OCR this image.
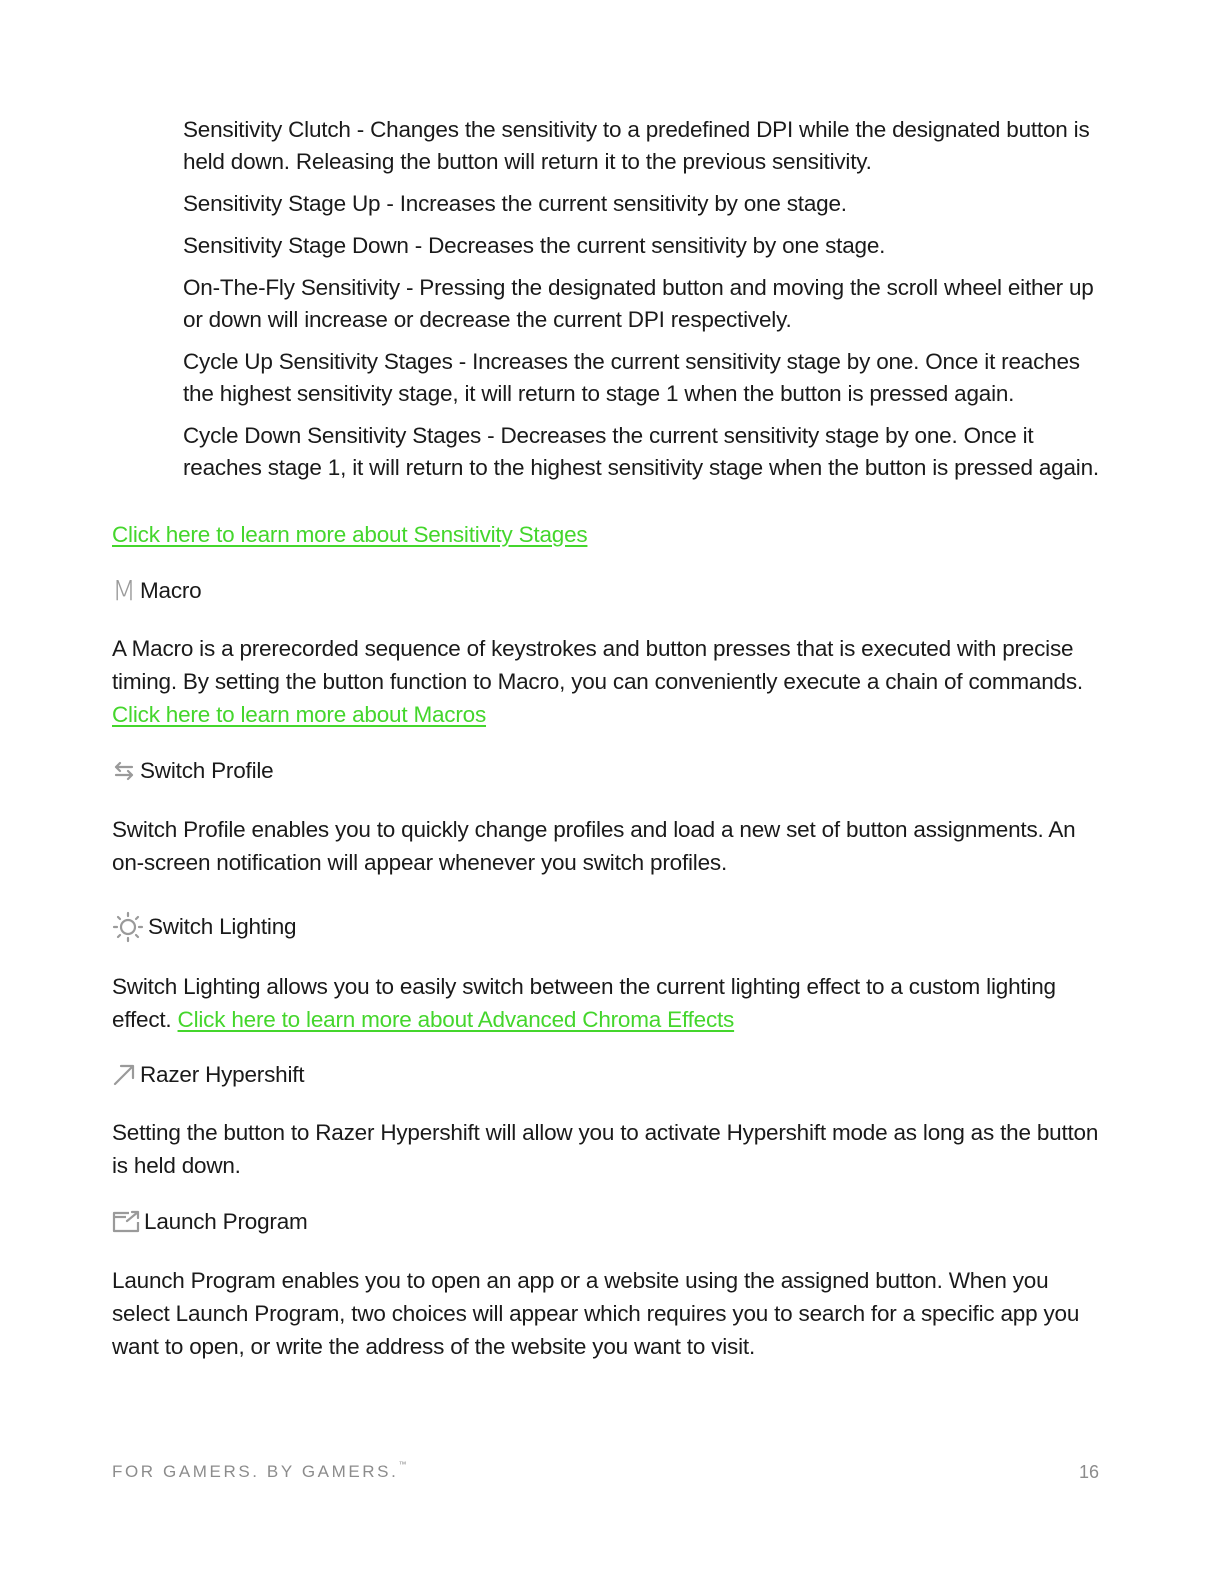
Sensitivity Clutch - Changes the sensitivity to a predefined DPI while the designated button is held down. Releasing the button will return it to the previous sensitivity.

Sensitivity Stage Up - Increases the current sensitivity by one stage.

Sensitivity Stage Down - Decreases the current sensitivity by one stage.

On-The-Fly Sensitivity - Pressing the designated button and moving the scroll wheel either up or down will increase or decrease the current DPI respectively.

Cycle Up Sensitivity Stages - Increases the current sensitivity stage by one. Once it reaches the highest sensitivity stage, it will return to stage 1 when the button is pressed again.

Cycle Down Sensitivity Stages - Decreases the current sensitivity stage by one. Once it reaches stage 1, it will return to the highest sensitivity stage when the button is pressed again.

Click here to learn more about Sensitivity Stages
M Macro
A Macro is a prerecorded sequence of keystrokes and button presses that is executed with precise timing. By setting the button function to Macro, you can conveniently execute a chain of commands. Click here to learn more about Macros
Switch Profile
Switch Profile enables you to quickly change profiles and load a new set of button assignments. An on-screen notification will appear whenever you switch profiles.
Switch Lighting
Switch Lighting allows you to easily switch between the current lighting effect to a custom lighting effect. Click here to learn more about Advanced Chroma Effects
Razer Hypershift
Setting the button to Razer Hypershift will allow you to activate Hypershift mode as long as the button is held down.
Launch Program
Launch Program enables you to open an app or a website using the assigned button. When you select Launch Program, two choices will appear which requires you to search for a specific app you want to open, or write the address of the website you want to visit.
FOR GAMERS. BY GAMERS.™	16
